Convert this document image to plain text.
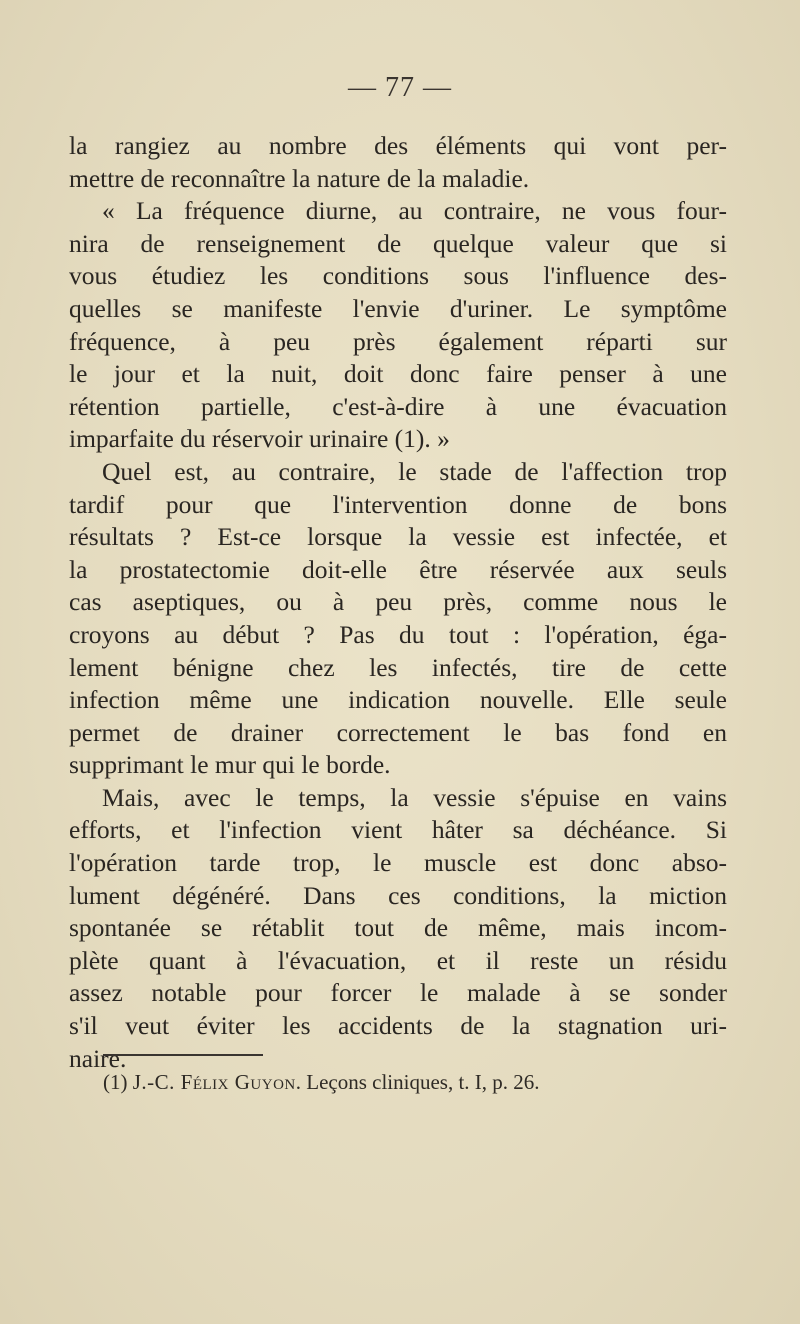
— 77 —
la rangiez au nombre des éléments qui vont per-
mettre de reconnaître la nature de la maladie.
« La fréquence diurne, au contraire, ne vous four-
nira de renseignement de quelque valeur que si
vous étudiez les conditions sous l'influence des-
quelles se manifeste l'envie d'uriner. Le symptôme
fréquence, à peu près également réparti sur
le jour et la nuit, doit donc faire penser à une
rétention partielle, c'est-à-dire à une évacuation
imparfaite du réservoir urinaire (1). »
Quel est, au contraire, le stade de l'affection trop
tardif pour que l'intervention donne de bons
résultats ? Est-ce lorsque la vessie est infectée, et
la prostatectomie doit-elle être réservée aux seuls
cas aseptiques, ou à peu près, comme nous le
croyons au début ? Pas du tout : l'opération, éga-
lement bénigne chez les infectés, tire de cette
infection même une indication nouvelle. Elle seule
permet de drainer correctement le bas fond en
supprimant le mur qui le borde.
Mais, avec le temps, la vessie s'épuise en vains
efforts, et l'infection vient hâter sa déchéance. Si
l'opération tarde trop, le muscle est donc abso-
lument dégénéré. Dans ces conditions, la miction
spontanée se rétablit tout de même, mais incom-
plète quant à l'évacuation, et il reste un résidu
assez notable pour forcer le malade à se sonder
s'il veut éviter les accidents de la stagnation uri-
naire.
(1) J.-C. Félix Guyon. Leçons cliniques, t. I, p. 26.
